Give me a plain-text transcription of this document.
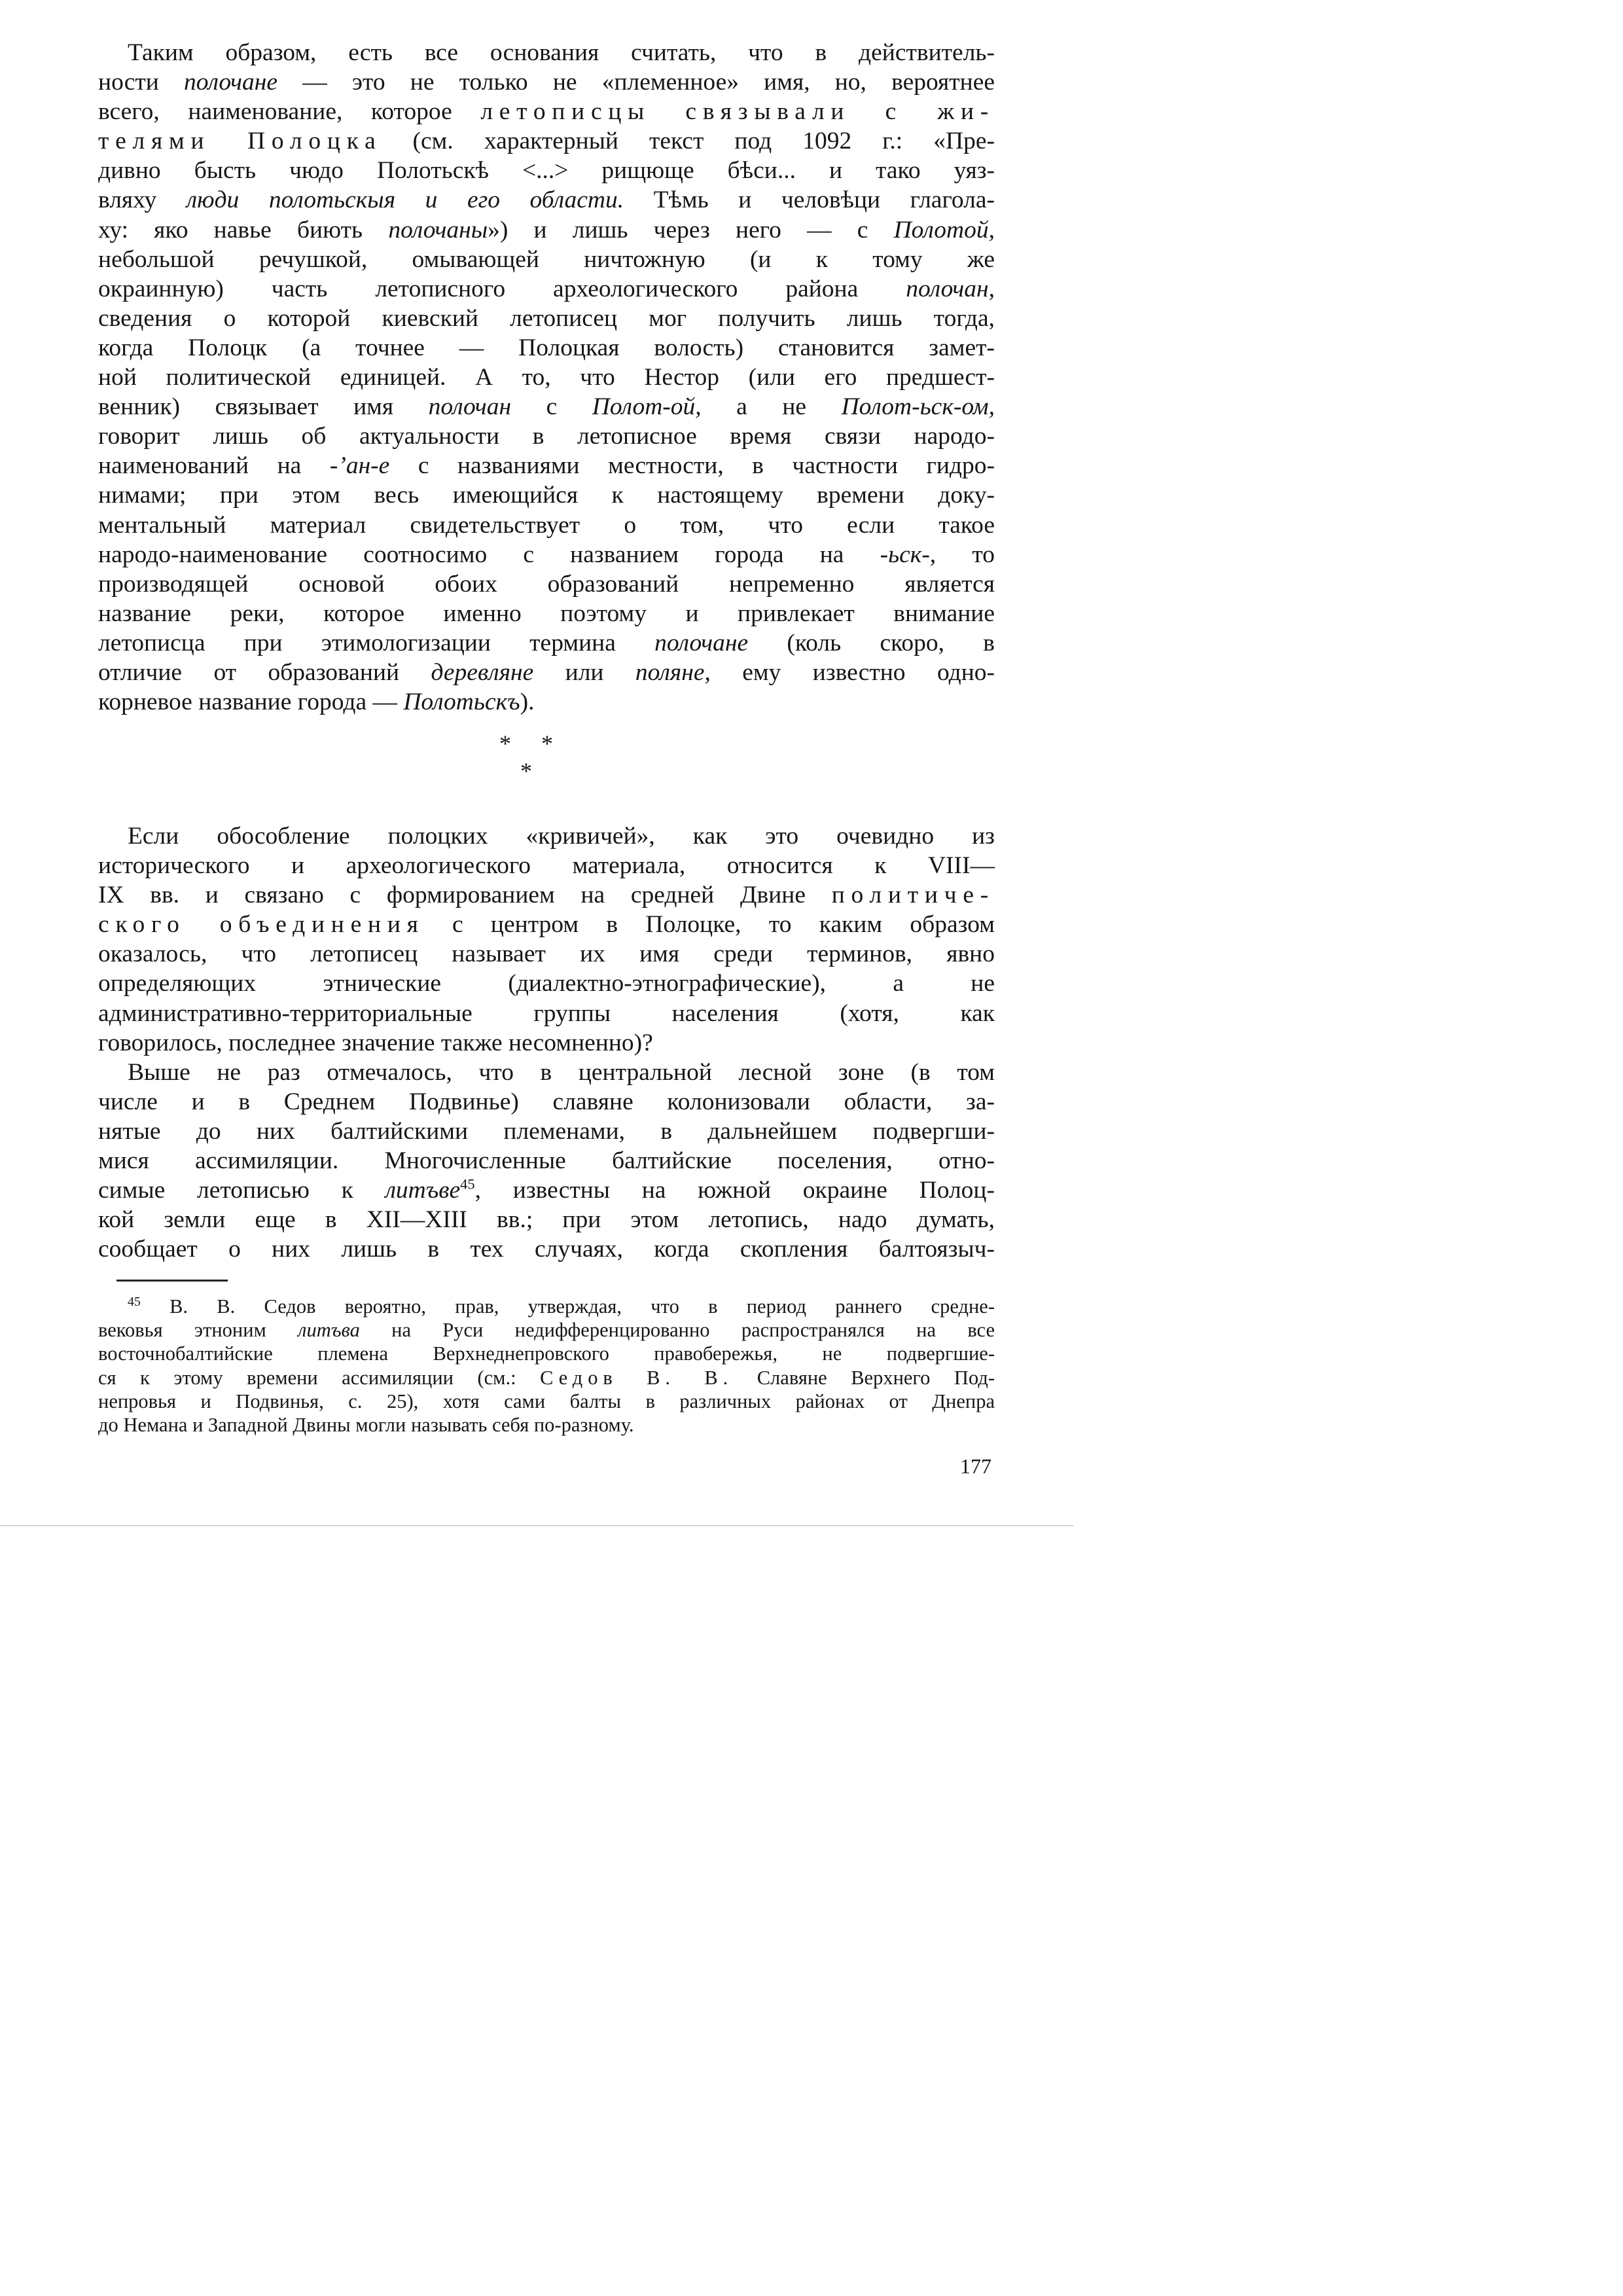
Таким образом, есть все основания считать, что в действитель-
ности полочане — это не только не «племенное» имя, но, вероятнее
всего, наименование, которое летописцы связывали с жи-
телями Полоцка (см. характерный текст под 1092 г.: «Пре-
дивно бысть чюдо Полотьскѣ <...> рищюще бѣси... и тако уяз-
вляху люди полотьскыя и его области. Тѣмь и человѣци глагола-
ху: яко навье биють полочаны») и лишь через него — с Полотой,
небольшой речушкой, омывающей ничтожную (и к тому же
окраинную) часть летописного археологического района полочан,
сведения о которой киевский летописец мог получить лишь тогда,
когда Полоцк (а точнее — Полоцкая волость) становится замет-
ной политической единицей. А то, что Нестор (или его предшест-
венник) связывает имя полочан с Полот-ой, а не Полот-ьск-ом,
говорит лишь об актуальности в летописное время связи народо-
наименований на -’ан-е с названиями местности, в частности гидро-
нимами; при этом весь имеющийся к настоящему времени доку-
ментальный материал свидетельствует о том, что если такое
народо-наименование соотносимо с названием города на -ьск-, то
производящей основой обоих образований непременно является
название реки, которое именно поэтому и привлекает внимание
летописца при этимологизации термина полочане (коль скоро, в
отличие от образований деревляне или поляне, ему известно одно-
корневое название города — Полотьскъ).

* *
*

Если обособление полоцких «кривичей», как это очевидно из
исторического и археологического материала, относится к VIII—
IX вв. и связано с формированием на средней Двине политиче-
ского объединения с центром в Полоцке, то каким образом
оказалось, что летописец называет их имя среди терминов, явно
определяющих этнические (диалектно-этнографические), а не
административно-территориальные группы населения (хотя, как
говорилось, последнее значение также несомненно)?

Выше не раз отмечалось, что в центральной лесной зоне (в том
числе и в Среднем Подвинье) славяне колонизовали области, за-
нятые до них балтийскими племенами, в дальнейшем подвергши-
мися ассимиляции. Многочисленные балтийские поселения, отно-
симые летописью к литъве$^{45}$, известны на южной окраине Полоц-
кой земли еще в XII—XIII вв.; при этом летопись, надо думать,
сообщает о них лишь в тех случаях, когда скопления балтоязыч-

$^{45}$ В. В. Седов вероятно, прав, утверждая, что в период раннего средне-
вековья этноним литъва на Руси недифференцированно распространялся на все
восточнобалтийские племена Верхнеднепровского правобережья, не подвергшие-
ся к этому времени ассимиляции (см.: Седов В. В. Славяне Верхнего Под-
непровья и Подвинья, с. 25), хотя сами балты в различных районах от Днепра
до Немана и Западной Двины могли называть себя по-разному.
177
